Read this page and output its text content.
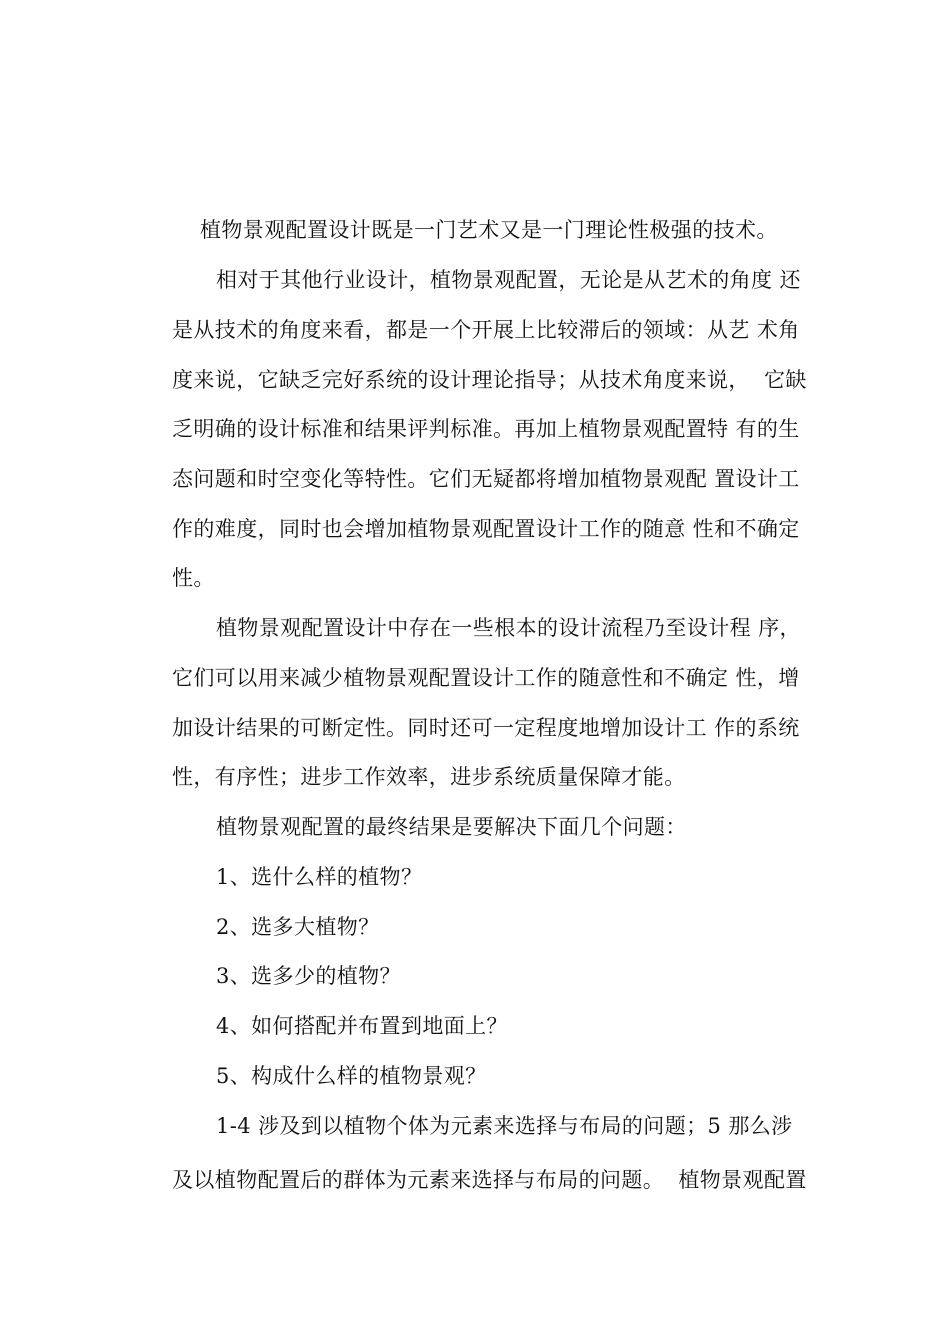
植物景观配置设计既是一门艺术又是一门理论性极强的技术。
相对于其他行业设计，植物景观配置，无论是从艺术的角度 还
是从技术的角度来看，都是一个开展上比较滞后的领域：从艺 术角
度来说，它缺乏完好系统的设计理论指导；从技术角度来说，  它缺
乏明确的设计标准和结果评判标准。再加上植物景观配置特 有的生
态问题和时空变化等特性。它们无疑都将增加植物景观配 置设计工
作的难度，同时也会增加植物景观配置设计工作的随意 性和不确定
性。
植物景观配置设计中存在一些根本的设计流程乃至设计程 序，
它们可以用来减少植物景观配置设计工作的随意性和不确定 性，增
加设计结果的可断定性。同时还可一定程度地增加设计工 作的系统
性，有序性；进步工作效率，进步系统质量保障才能。
植物景观配置的最终结果是要解决下面几个问题：
1、选什么样的植物？
2、选多大植物？
3、选多少的植物？
4、如何搭配并布置到地面上？
5、构成什么样的植物景观？
1-4 涉及到以植物个体为元素来选择与布局的问题；5 那么涉
及以植物配置后的群体为元素来选择与布局的问题。  植物景观配置
